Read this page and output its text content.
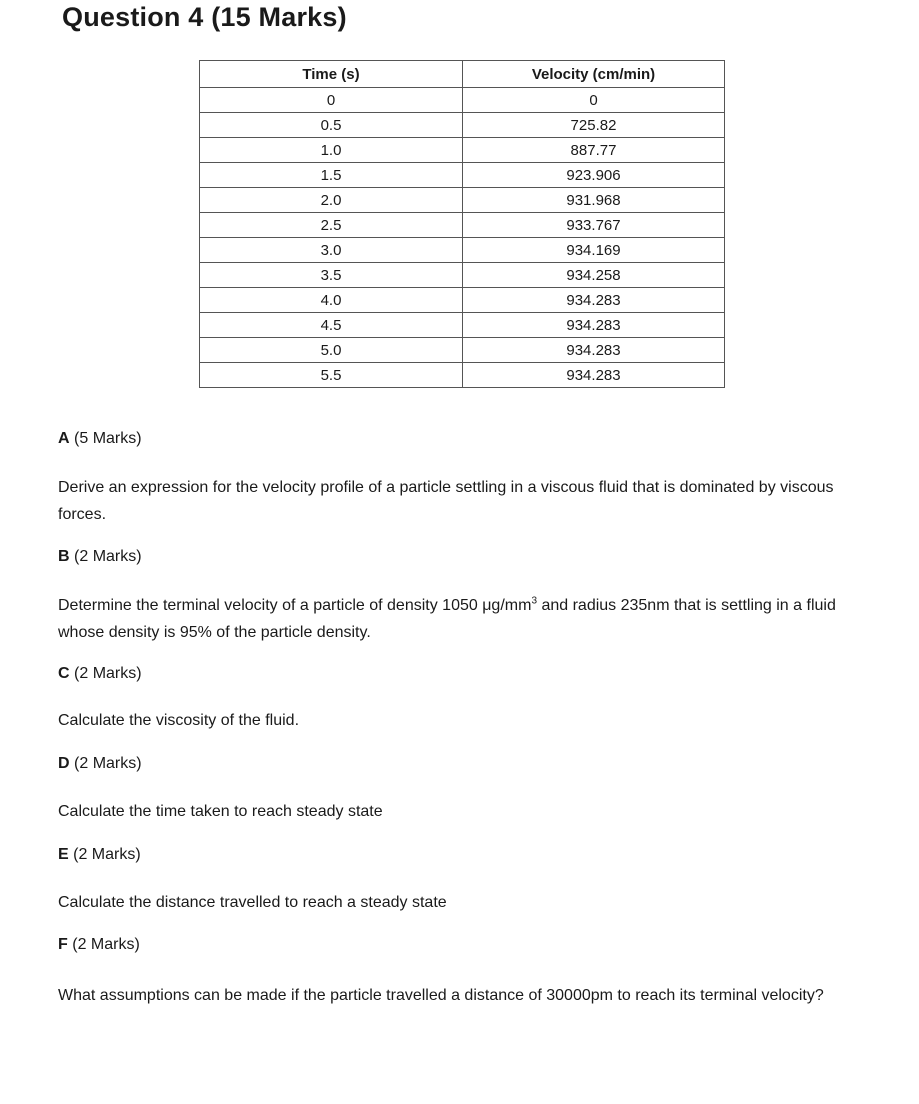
Question 4 (15 Marks)
Time (s)	Velocity (cm/min)
0	0
0.5	725.82
1.0	887.77
1.5	923.906
2.0	931.968
2.5	933.767
3.0	934.169
3.5	934.258
4.0	934.283
4.5	934.283
5.0	934.283
5.5	934.283
A (5 Marks)
Derive an expression for the velocity profile of a particle settling in a viscous fluid that is dominated by viscous forces.
B (2 Marks)
Determine the terminal velocity of a particle of density 1050 $\mu g/mm^3$ and radius 235nm that is settling in a fluid whose density is 95% of the particle density.
C (2 Marks)
Calculate the viscosity of the fluid.
D (2 Marks)
Calculate the time taken to reach steady state
E (2 Marks)
Calculate the distance travelled to reach a steady state
F (2 Marks)
What assumptions can be made if the particle travelled a distance of 30000pm to reach its terminal velocity?
